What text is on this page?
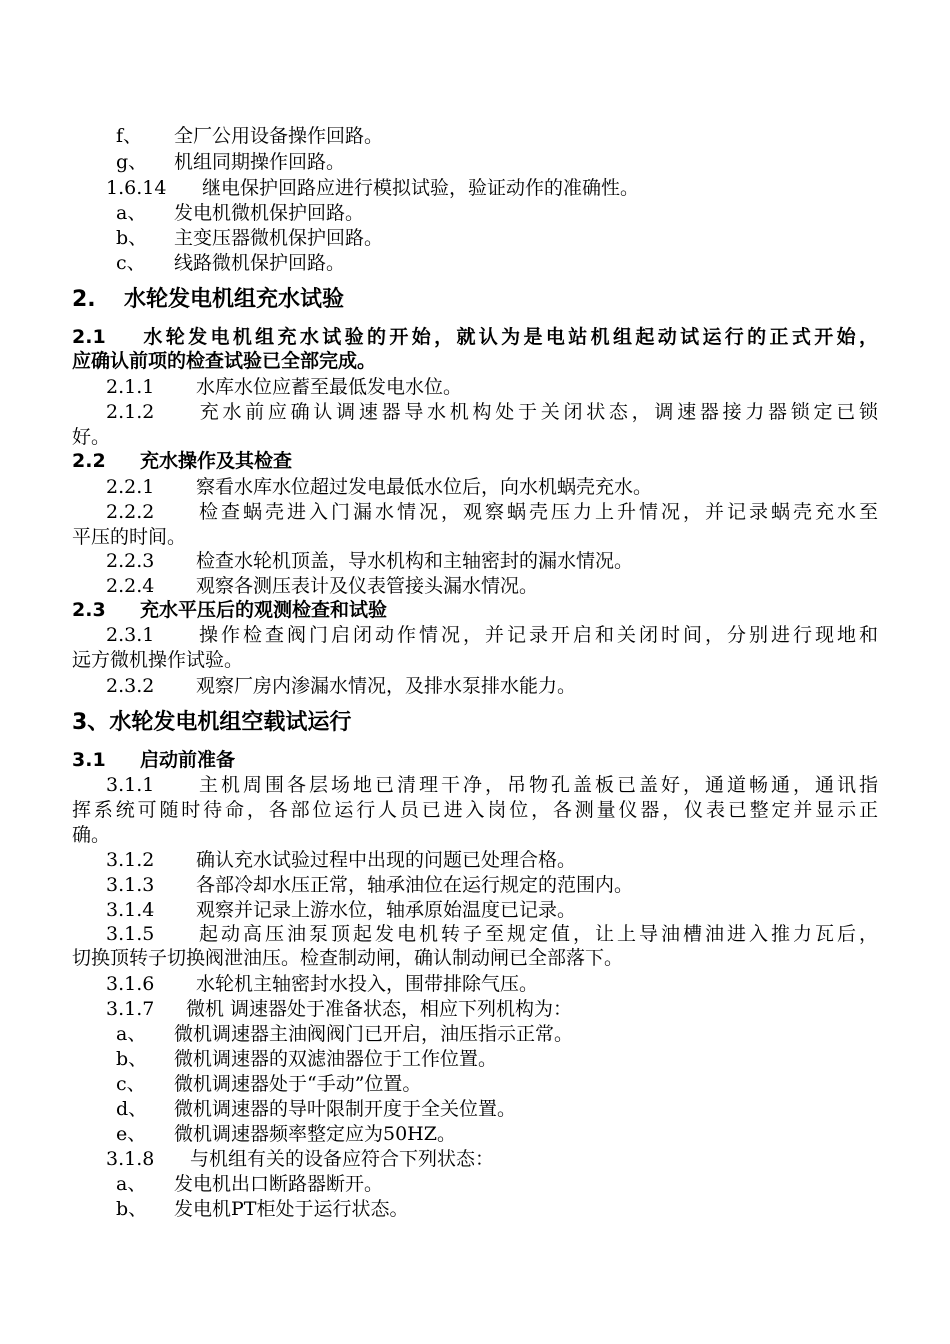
f、 全厂公用设备操作回路。
g、 机组同期操作回路。
1.6.14 继电保护回路应进行模拟试验，验证动作的准确性。
a、 发电机微机保护回路。
b、 主变压器微机保护回路。
c、 线路微机保护回路。
2. 水轮发电机组充水试验
2.1 水轮发电机组充水试验的开始，就认为是电站机组起动试运行的正式开始，
应确认前项的检查试验已全部完成。
2.1.1 水库水位应蓄至最低发电水位。
2.1.2 充水前应确认调速器导水机构处于关闭状态，调速器接力器锁定已锁
好。
2.2 充水操作及其检查
2.2.1 察看水库水位超过发电最低水位后，向水机蜗壳充水。
2.2.2 检查蜗壳进入门漏水情况，观察蜗壳压力上升情况，并记录蜗壳充水至
平压的时间。
2.2.3 检查水轮机顶盖，导水机构和主轴密封的漏水情况。
2.2.4 观察各测压表计及仪表管接头漏水情况。
2.3 充水平压后的观测检查和试验
2.3.1 操作检查阀门启闭动作情况，并记录开启和关闭时间，分别进行现地和
远方微机操作试验。
2.3.2 观察厂房内渗漏水情况，及排水泵排水能力。
3、水轮发电机组空载试运行
3.1 启动前准备
3.1.1 主机周围各层场地已清理干净，吊物孔盖板已盖好，通道畅通，通讯指
挥系统可随时待命，各部位运行人员已进入岗位，各测量仪器，仪表已整定并显示正
确。
3.1.2 确认充水试验过程中出现的问题已处理合格。
3.1.3 各部冷却水压正常，轴承油位在运行规定的范围内。
3.1.4 观察并记录上游水位，轴承原始温度已记录。
3.1.5 起动高压油泵顶起发电机转子至规定值，让上导油槽油进入推力瓦后，
切换顶转子切换阀泄油压。检查制动闸，确认制动闸已全部落下。
3.1.6 水轮机主轴密封水投入，围带排除气压。
3.1.7 微机 调速器处于准备状态，相应下列机构为：
a、 微机调速器主油阀阀门已开启，油压指示正常。
b、 微机调速器的双滤油器位于工作位置。
c、 微机调速器处于“手动”位置。
d、 微机调速器的导叶限制开度于全关位置。
e、 微机调速器频率整定应为50HZ。
3.1.8 与机组有关的设备应符合下列状态：
a、 发电机出口断路器断开。
b、 发电机PT柜处于运行状态。
